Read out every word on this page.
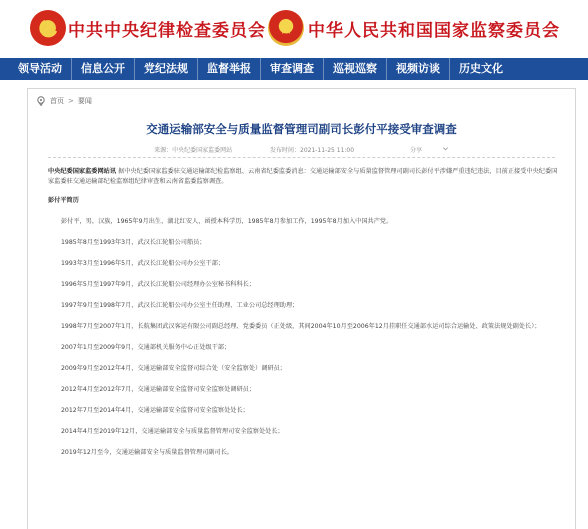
中共中央纪律检查委员会 中华人民共和国国家监察委员会
领导活动	信息公开	党纪法规	监督举报	审查调查	巡视巡察	视频访谈	历史文化
首页 > 要闻
交通运输部安全与质量监督管理司副司长彭付平接受审查调查
来源：中央纪委国家监委网站	发布时间：2021-11-25 11:00	分享

中央纪委国家监委网站讯 据中央纪委国家监委驻交通运输部纪检监察组、云南省纪委监委消息：交通运输部安全与质量监督管理司副司长彭付平涉嫌严重违纪违法，目前正接受中央纪委国家监委驻交通运输部纪检监察组纪律审查和云南省监委监察调查。

彭付平简历

彭付平，男，汉族，1965年9月出生，湖北红安人，函授本科学历，1985年8月参加工作，1995年8月加入中国共产党。

1985年8月至1993年3月，武汉长江轮船公司船员；

1993年3月至1996年5月，武汉长江轮船公司办公室干部；

1996年5月至1997年9月，武汉长江轮船公司经理办公室秘书科科长；

1997年9月至1998年7月，武汉长江轮船公司办公室主任助理、工业公司总经理助理；

1998年7月至2007年1月，长航集团武汉客运有限公司副总经理、党委委员（正处级，其间2004年10月至2006年12月挂职任交通部水运司综合运输处、政策法规处副处长）；

2007年1月至2009年9月，交通部机关服务中心正处级干部；

2009年9月至2012年4月，交通运输部安全监督司综合处（安全监察处）调研员；

2012年4月至2012年7月，交通运输部安全监督司安全监察处调研员；

2012年7月至2014年4月，交通运输部安全监督司安全监察处处长；

2014年4月至2019年12月，交通运输部安全与质量监督管理司安全监察处处长；

2019年12月至今，交通运输部安全与质量监督管理司副司长。
